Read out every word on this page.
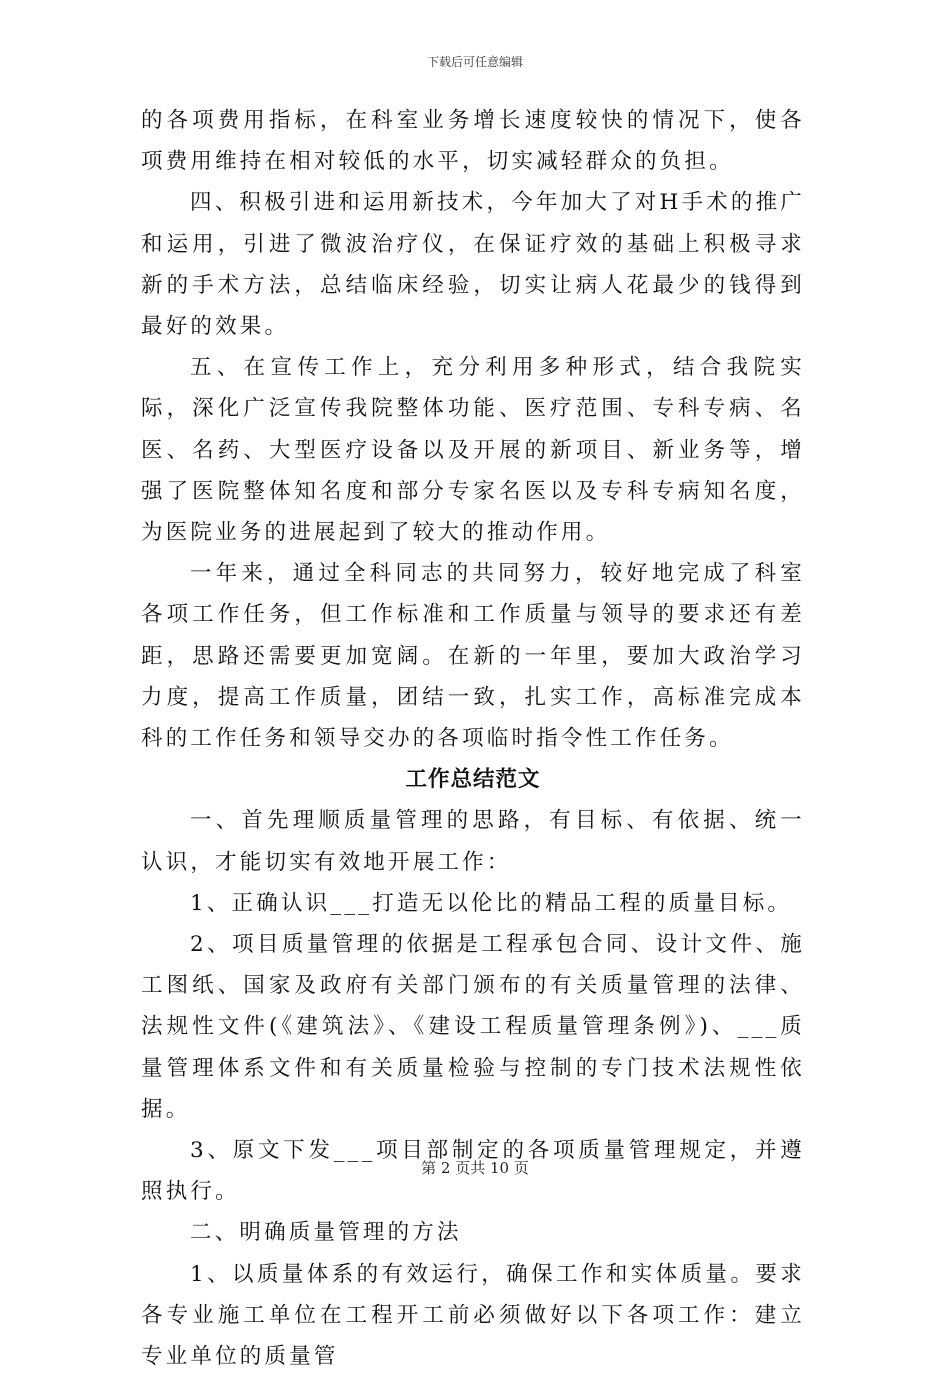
下载后可任意编辑

的各项费用指标，在科室业务增长速度较快的情况下，使各项费用维持在相对较低的水平，切实减轻群众的负担。

四、积极引进和运用新技术，今年加大了对H手术的推广和运用，引进了微波治疗仪，在保证疗效的基础上积极寻求新的手术方法，总结临床经验，切实让病人花最少的钱得到最好的效果。

五、在宣传工作上，充分利用多种形式，结合我院实际，深化广泛宣传我院整体功能、医疗范围、专科专病、名医、名药、大型医疗设备以及开展的新项目、新业务等，增强了医院整体知名度和部分专家名医以及专科专病知名度，为医院业务的进展起到了较大的推动作用。

一年来，通过全科同志的共同努力，较好地完成了科室各项工作任务，但工作标准和工作质量与领导的要求还有差距，思路还需要更加宽阔。在新的一年里，要加大政治学习力度，提高工作质量，团结一致，扎实工作，高标准完成本科的工作任务和领导交办的各项临时指令性工作任务。

工作总结范文

一、首先理顺质量管理的思路，有目标、有依据、统一认识，才能切实有效地开展工作：

1、正确认识___打造无以伦比的精品工程的质量目标。

2、项目质量管理的依据是工程承包合同、设计文件、施工图纸、国家及政府有关部门颁布的有关质量管理的法律、法规性文件(《建筑法》、《建设工程质量管理条例》)、___质量管理体系文件和有关质量检验与控制的专门技术法规性依据。

3、原文下发___项目部制定的各项质量管理规定，并遵照执行。

二、明确质量管理的方法

1、以质量体系的有效运行，确保工作和实体质量。要求各专业施工单位在工程开工前必须做好以下各项工作：建立专业单位的质量管

第 2 页共 10 页
